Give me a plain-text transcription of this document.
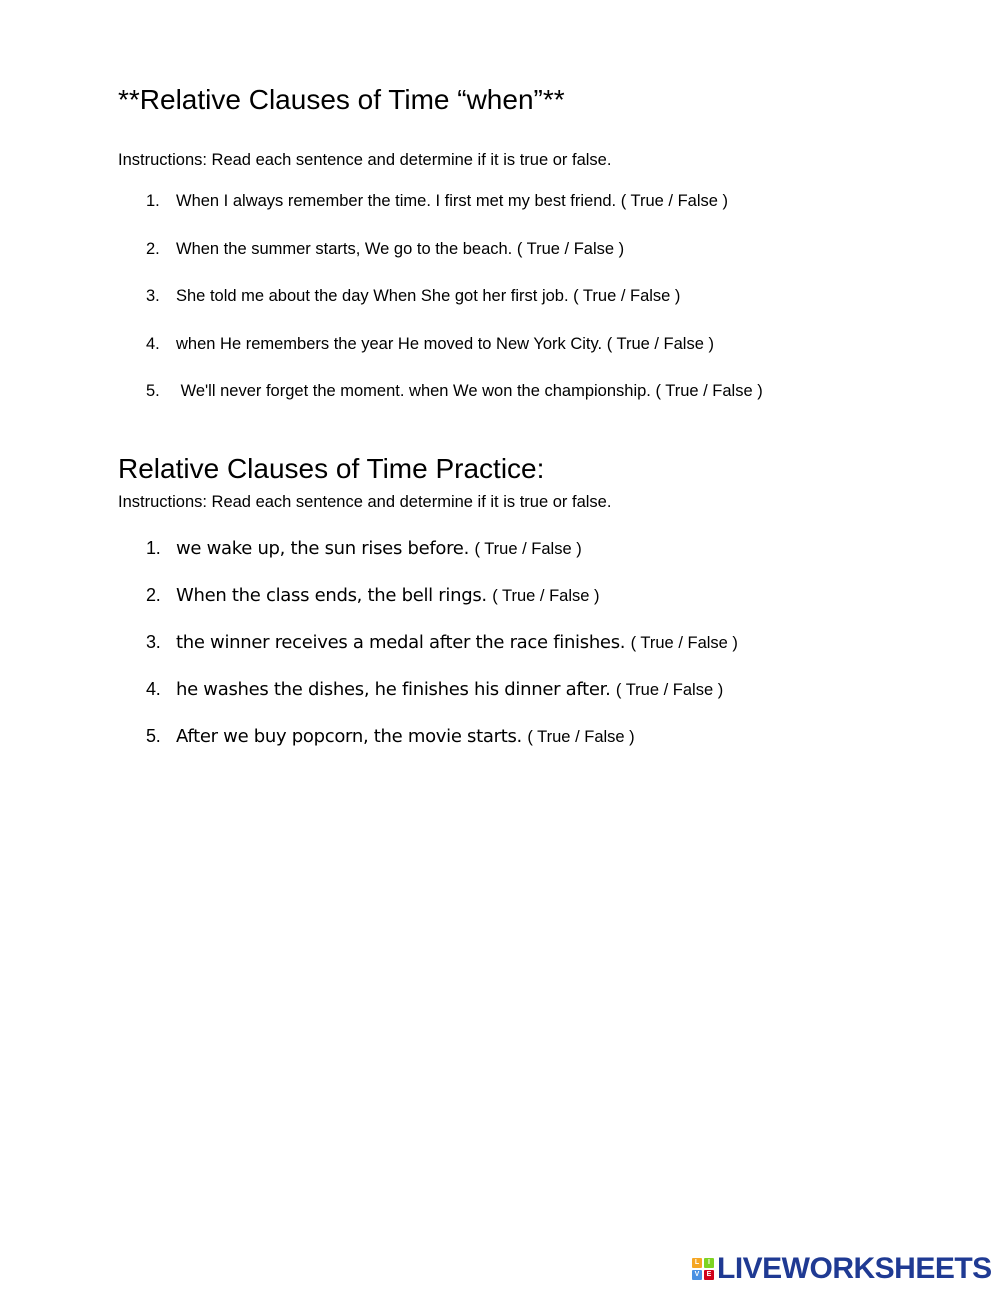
**Relative Clauses of Time “when”**
Instructions: Read each sentence and determine if it is true or false.
1. When I always remember the time. I first met my best friend. ( True / False )
2. When the summer starts, We go to the beach. ( True / False )
3. She told me about the day When She got her first job. ( True / False )
4. when He remembers the year He moved to New York City. ( True / False )
5. We'll never forget the moment. when We won the championship. ( True / False )
Relative Clauses of Time Practice:
Instructions: Read each sentence and determine if it is true or false.
1. we wake up, the sun rises before. ( True / False )
2. When the class ends, the bell rings. ( True / False )
3. the winner receives a medal after the race finishes. ( True / False )
4. he washes the dishes, he finishes his dinner after. ( True / False )
5. After we buy popcorn, the movie starts. ( True / False )
L	I
V	E LIVEWORKSHEETS
